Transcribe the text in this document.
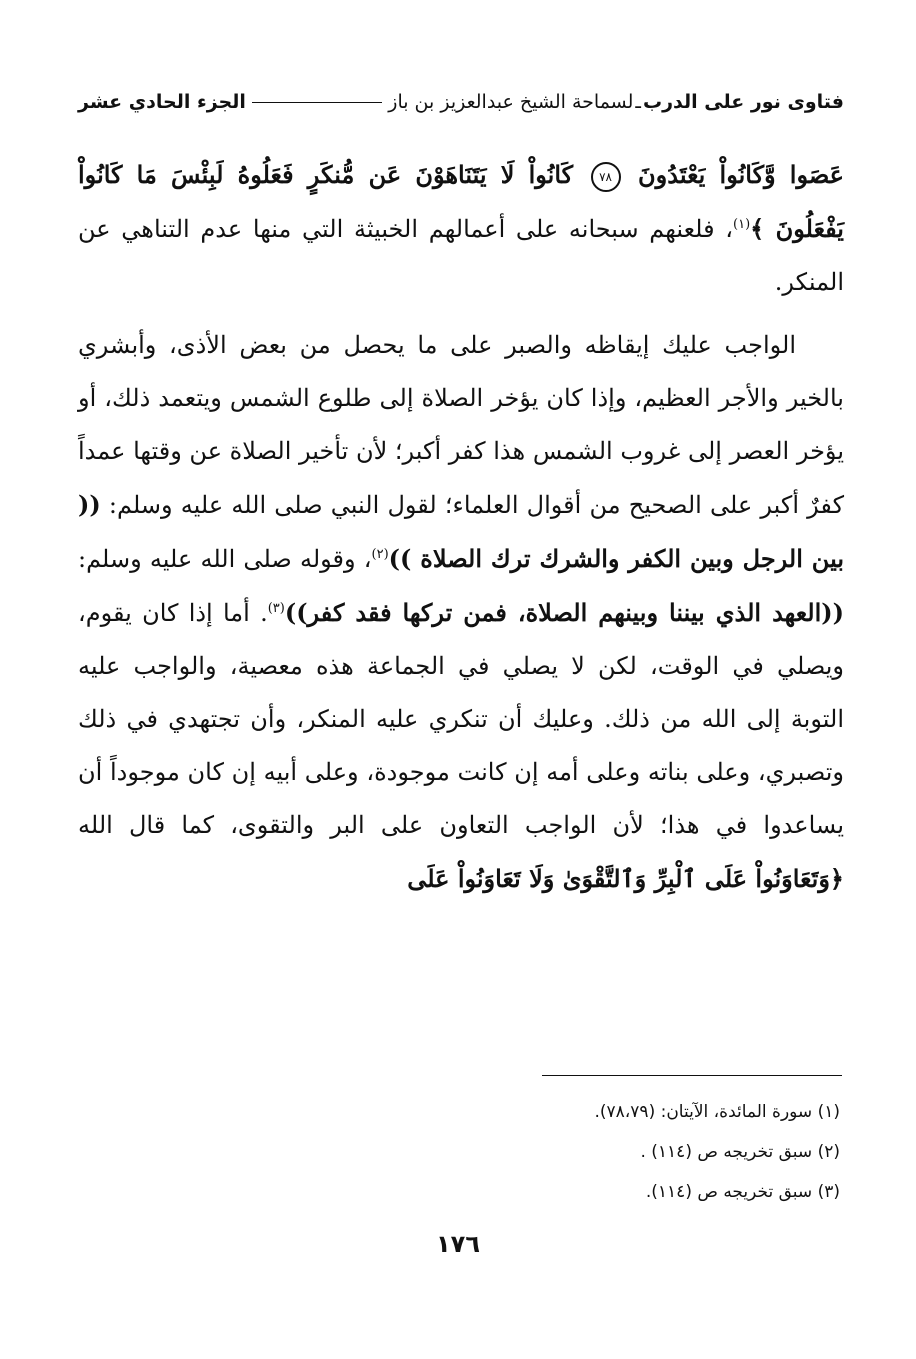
فتاوى نور على الدرب
ـ
لسماحة الشيخ عبدالعزيز بن باز
الجزء الحادي عشر

عَصَوا وَّكَانُواْ يَعْتَدُونَ ٧٨ كَانُواْ لَا يَتَنَاهَوْنَ عَن مُّنكَرٍ فَعَلُوهُ لَبِئْسَ مَا كَانُواْ يَفْعَلُونَ ﴾$^{(١)}$، فلعنهم سبحانه على أعمالهم الخبيثة التي منها عدم التناهي عن المنكر.

الواجب عليك إيقاظه والصبر على ما يحصل من بعض الأذى، وأبشري بالخير والأجر العظيم، وإذا كان يؤخر الصلاة إلى طلوع الشمس ويتعمد ذلك، أو يؤخر العصر إلى غروب الشمس هذا كفر أكبر؛ لأن تأخير الصلاة عن وقتها عمداً كفرٌ أكبر على الصحيح من أقوال العلماء؛ لقول النبي صلى الله عليه وسلم: (( بين الرجل وبين الكفر والشرك ترك الصلاة ))$^{(٢)}$، وقوله صلى الله عليه وسلم: ((العهد الذي بيننا وبينهم الصلاة، فمن تركها فقد كفر))$^{(٣)}$. أما إذا كان يقوم، ويصلي في الوقت، لكن لا يصلي في الجماعة هذه معصية، والواجب عليه التوبة إلى الله من ذلك. وعليك أن تنكري عليه المنكر، وأن تجتهدي في ذلك وتصبري، وعلى بناته وعلى أمه إن كانت موجودة، وعلى أبيه إن كان موجوداً أن يساعدوا في هذا؛ لأن الواجب التعاون على البر والتقوى، كما قال الله ﴿وَتَعَاوَنُواْ عَلَى ٱلْبِرِّ وَٱلتَّقْوَىٰ وَلَا تَعَاوَنُواْ عَلَى

(١) سورة المائدة، الآيتان: (٧٨،٧٩).
(٢) سبق تخريجه ص (١١٤) .
(٣) سبق تخريجه ص (١١٤).
١٧٦
